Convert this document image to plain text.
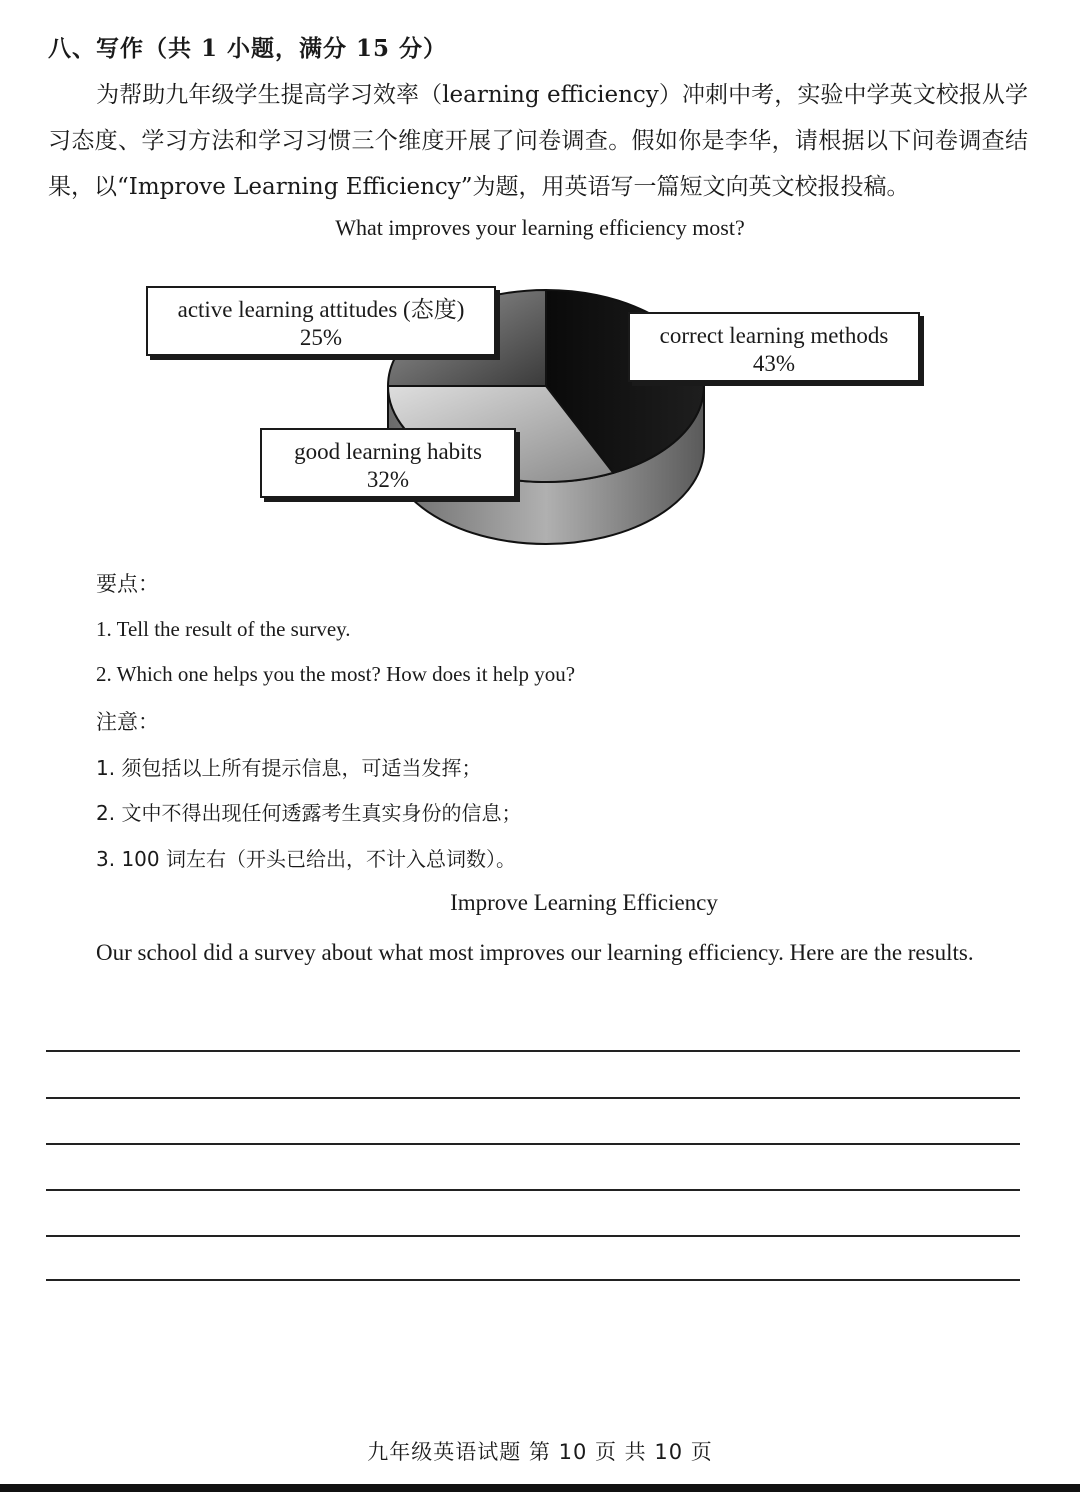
八、写作（共 1 小题，满分 15 分）
为帮助九年级学生提高学习效率（learning efficiency）冲刺中考，实验中学英文校报从学习态度、学习方法和学习习惯三个维度开展了问卷调查。假如你是李华，请根据以下问卷调查结果，以“Improve Learning Efficiency”为题，用英语写一篇短文向英文校报投稿。
What improves your learning efficiency most?
active learning attitudes (态度)
25%	correct learning methods
43%
good learning habits
32%
要点：
1. Tell the result of the survey.
2. Which one helps you the most? How does it help you?
注意：
1. 须包括以上所有提示信息，可适当发挥；
2. 文中不得出现任何透露考生真实身份的信息；
3. 100 词左右（开头已给出，不计入总词数）。
Improve Learning Efficiency
Our school did a survey about what most improves our learning efficiency. Here are the results.
九年级英语试题 第 10 页 共 10 页
